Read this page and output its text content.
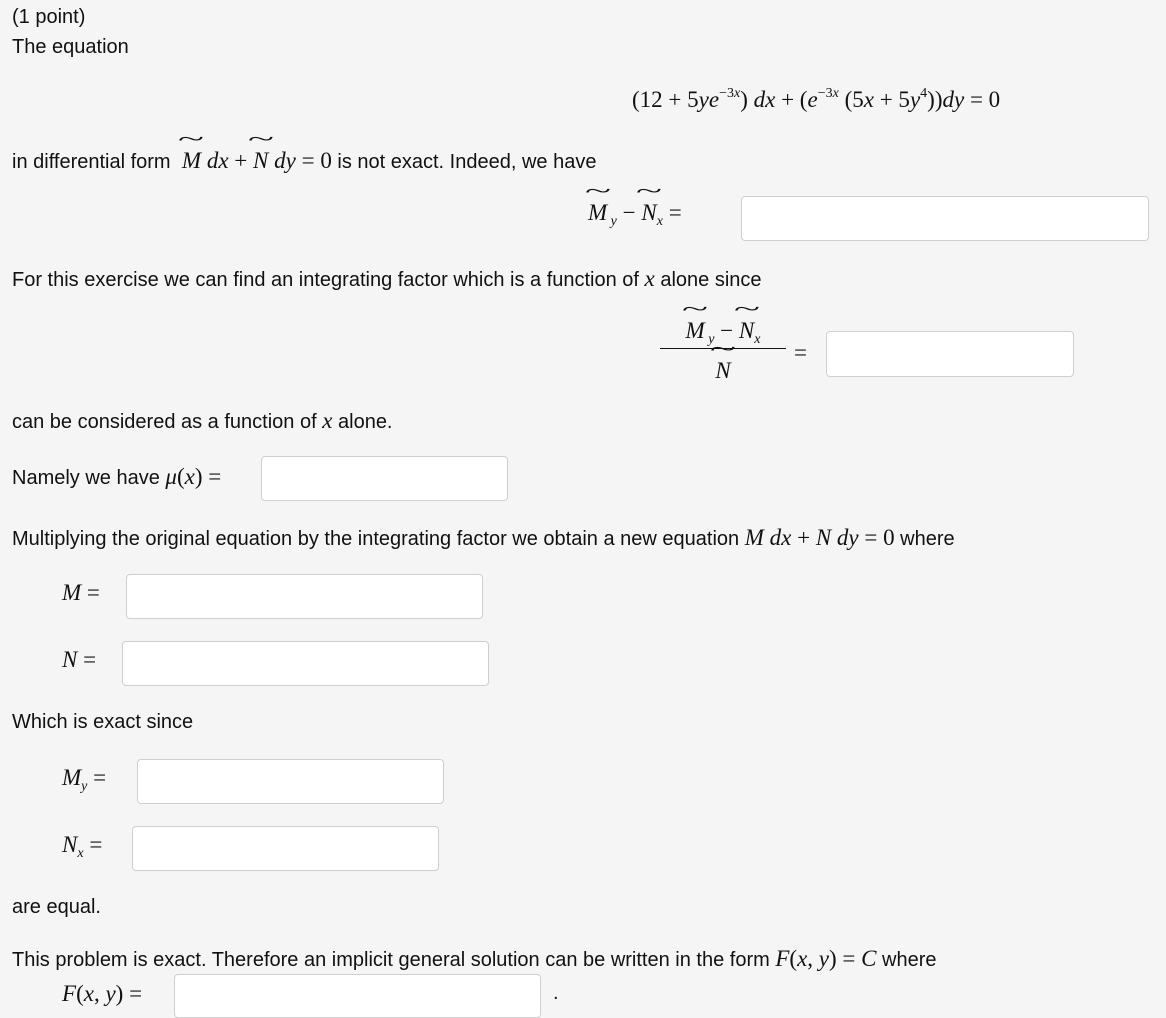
(1 point)
The equation
$(12 + 5ye^{-3x})$ dx + ($e^{-3x}$ $(5x + 5y^4))dy = 0$
in differential form ~ M dx + ~ N dy = 0 is not exact. Indeed, we have
~ M $_y$ − ~ $N_x$ =
For this exercise we can find an integrating factor which is a function of x alone since
~ M $_y$ − ~ $N_x$
~ N
=
can be considered as a function of x alone.
Namely we have μ(x) =
Multiplying the original equation by the integrating factor we obtain a new equation M dx + N dy = 0 where
M =
N =
Which is exact since
$M_y$ =
$N_x$ =
are equal.
This problem is exact. Therefore an implicit general solution can be written in the form F(x, y) = C where
F(x, y) =	.
